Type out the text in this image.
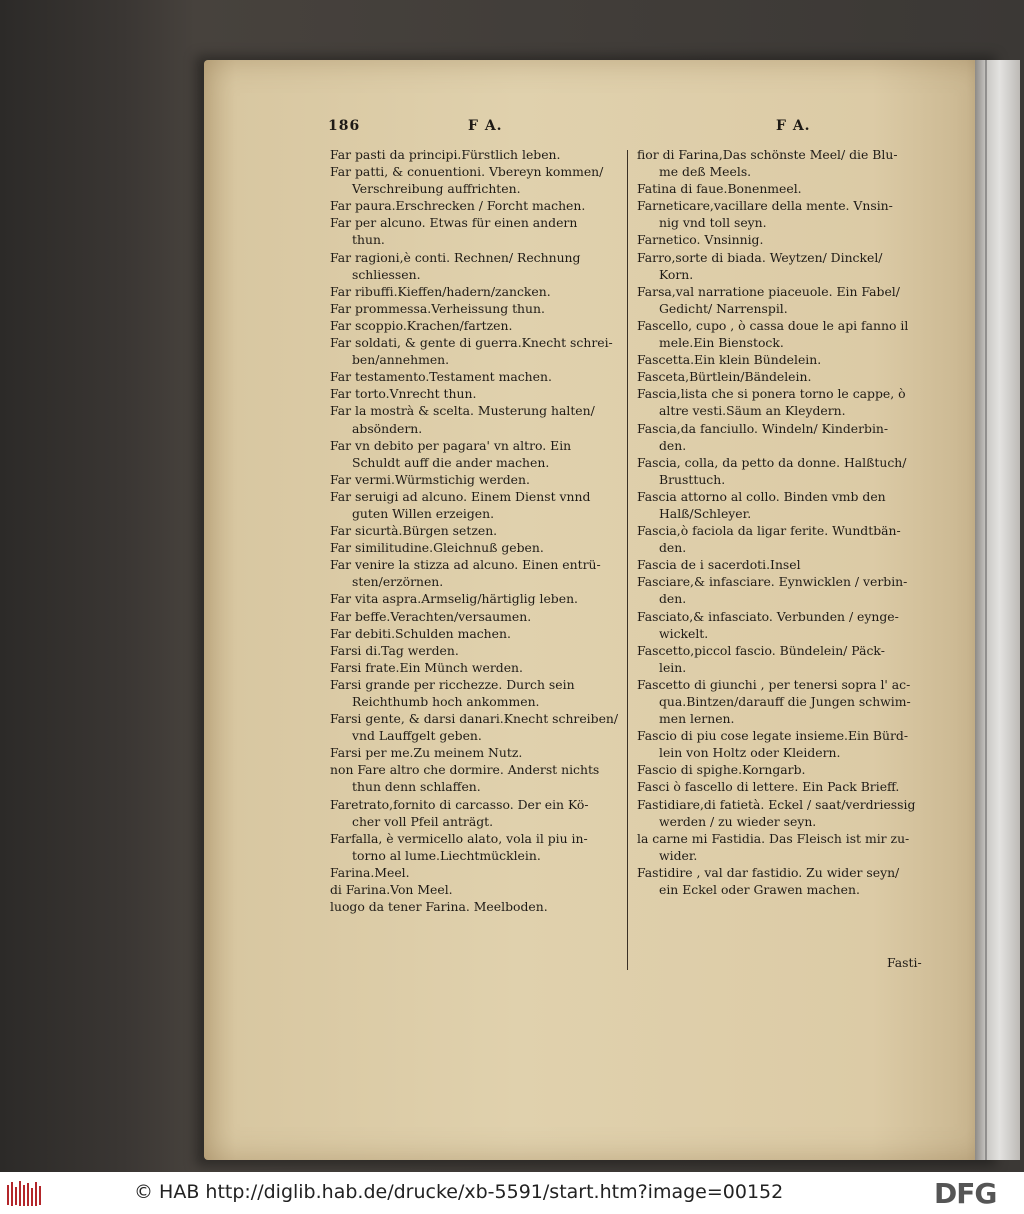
186	F A.	F A.

Far pasti da principi.Fürstlich leben.

Far patti, & conuentioni. Vbereyn kommen/

Verschreibung auffrichten.

Far paura.Erschrecken / Forcht machen.

Far per alcuno. Etwas für einen andern

thun.

Far ragioni,è conti. Rechnen/ Rechnung

schliessen.

Far ribuffi.Kieffen/hadern/zancken.

Far prommessa.Verheissung thun.

Far scoppio.Krachen/fartzen.

Far soldati, & gente di guerra.Knecht schrei-

ben/annehmen.

Far testamento.Testament machen.

Far torto.Vnrecht thun.

Far la mostrà & scelta. Musterung halten/

absöndern.

Far vn debito per pagara' vn altro. Ein

Schuldt auff die ander machen.

Far vermi.Würmstichig werden.

Far seruigi ad alcuno. Einem Dienst vnnd

guten Willen erzeigen.

Far sicurtà.Bürgen setzen.

Far similitudine.Gleichnuß geben.

Far venire la stizza ad alcuno. Einen entrü-

sten/erzörnen.

Far vita aspra.Armselig/härtiglig leben.

Far beffe.Verachten/versaumen.

Far debiti.Schulden machen.

Farsi di.Tag werden.

Farsi frate.Ein Münch werden.

Farsi grande per ricchezze. Durch sein

Reichthumb hoch ankommen.

Farsi gente, & darsi danari.Knecht schreiben/

vnd Lauffgelt geben.

Farsi per me.Zu meinem Nutz.

non Fare altro che dormire. Anderst nichts

thun denn schlaffen.

Faretrato,fornito di carcasso. Der ein Kö-

cher voll Pfeil anträgt.

Farfalla, è vermicello alato, vola il piu in-

torno al lume.Liechtmücklein.

Farina.Meel.

di Farina.Von Meel.

luogo da tener Farina. Meelboden.

fior di Farina,Das schönste Meel/ die Blu-

me deß Meels.

Fatina di faue.Bonenmeel.

Farneticare,vacillare della mente. Vnsin-

nig vnd toll seyn.

Farnetico. Vnsinnig.

Farro,sorte di biada. Weytzen/ Dinckel/

Korn.

Farsa,val narratione piaceuole. Ein Fabel/

Gedicht/ Narrenspil.

Fascello, cupo , ò cassa doue le api fanno il

mele.Ein Bienstock.

Fascetta.Ein klein Bündelein.

Fasceta,Bürtlein/Bändelein.

Fascia,lista che si ponera torno le cappe, ò

altre vesti.Säum an Kleydern.

Fascia,da fanciullo. Windeln/ Kinderbin-

den.

Fascia, colla, da petto da donne. Halßtuch/

Brusttuch.

Fascia attorno al collo. Binden vmb den

Halß/Schleyer.

Fascia,ò faciola da ligar ferite. Wundtbän-

den.

Fascia de i sacerdoti.Insel

Fasciare,& infasciare. Eynwicklen / verbin-

den.

Fasciato,& infasciato. Verbunden / eynge-

wickelt.

Fascetto,piccol fascio. Bündelein/ Päck-

lein.

Fascetto di giunchi , per tenersi sopra l' ac-

qua.Bintzen/darauff die Jungen schwim-

men lernen.

Fascio di piu cose legate insieme.Ein Bürd-

lein von Holtz oder Kleidern.

Fascio di spighe.Korngarb.

Fasci ò fascello di lettere. Ein Pack Brieff.

Fastidiare,di fatietà. Eckel / saat/verdriessig

werden / zu wieder seyn.

la carne mi Fastidia. Das Fleisch ist mir zu-

wider.

Fastidire , val dar fastidio. Zu wider seyn/

ein Eckel oder Grawen machen.

Fasti-
© HAB http://diglib.hab.de/drucke/xb-5591/start.htm?image=00152	DFG
